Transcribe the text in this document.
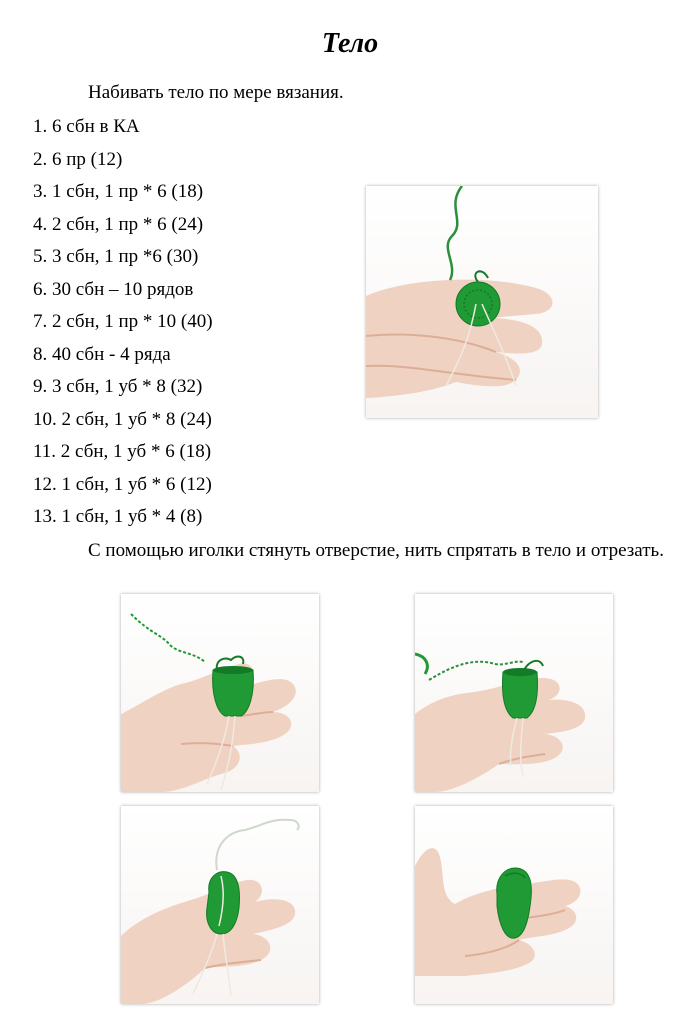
Тело
Набивать тело по мере вязания.
1. 6 сбн в КА
2. 6 пр (12)
3. 1 сбн, 1 пр * 6 (18)
4. 2 сбн, 1 пр * 6 (24)
5. 3 сбн, 1 пр *6 (30)
6. 30 сбн – 10 рядов
7. 2 сбн, 1 пр * 10 (40)
8. 40 сбн - 4 ряда
9. 3 сбн, 1 уб * 8 (32)
10. 2 сбн, 1 уб * 8 (24)
11. 2 сбн, 1 уб * 6 (18)
12. 1 сбн, 1 уб * 6 (12)
13. 1 сбн, 1 уб * 4 (8)
С помощью иголки стянуть отверстие, нить спрятать в тело и отрезать.
